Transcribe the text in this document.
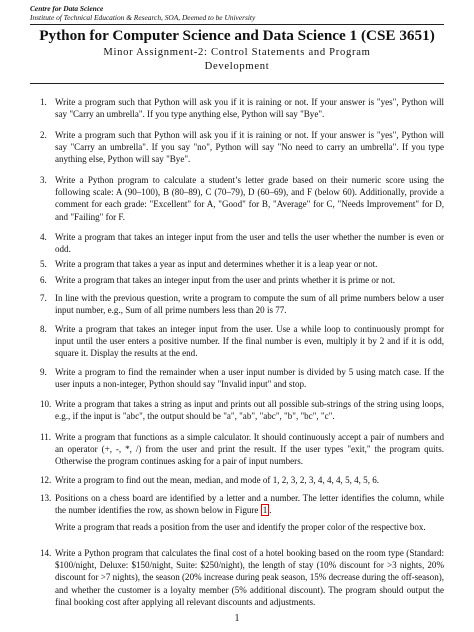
Centre for Data Science
Institute of Technical Education & Research, SOA, Deemed to be University
Python for Computer Science and Data Science 1 (CSE 3651)
Minor Assignment-2: Control Statements and Program
Development
1. Write a program such that Python will ask you if it is raining or not. If your answer is "yes", Python will say "Carry an umbrella". If you type anything else, Python will say "Bye".
2. Write a program such that Python will ask you if it is raining or not. If your answer is "yes", Python will say "Carry an umbrella". If you say "no", Python will say "No need to carry an umbrella". If you type anything else, Python will say "Bye".
3. Write a Python program to calculate a student’s letter grade based on their numeric score using the following scale: A (90–100), B (80–89), C (70–79), D (60–69), and F (below 60). Additionally, provide a comment for each grade: "Excellent" for A, "Good" for B, "Average" for C, "Needs Improvement" for D, and "Failing" for F.
4. Write a program that takes an integer input from the user and tells the user whether the number is even or odd.
5. Write a program that takes a year as input and determines whether it is a leap year or not.
6. Write a program that takes an integer input from the user and prints whether it is prime or not.
7. In line with the previous question, write a program to compute the sum of all prime numbers below a user input number, e.g., Sum of all prime numbers less than 20 is 77.
8. Write a program that takes an integer input from the user. Use a while loop to continuously prompt for input until the user enters a positive number. If the final number is even, multiply it by 2 and if it is odd, square it. Display the results at the end.
9. Write a program to find the remainder when a user input number is divided by 5 using match case. If the user inputs a non-integer, Python should say "Invalid input" and stop.
10. Write a program that takes a string as input and prints out all possible sub-strings of the string using loops, e.g., if the input is "abc", the output should be "a", "ab", "abc", "b", "bc", "c".
11. Write a program that functions as a simple calculator. It should continuously accept a pair of numbers and an operator (+, -, *, /) from the user and print the result. If the user types "exit," the program quits. Otherwise the program continues asking for a pair of input numbers.
12. Write a program to find out the mean, median, and mode of 1, 2, 3, 2, 3, 4, 4, 4, 5, 4, 5, 6.
13. Positions on a chess board are identified by a letter and a number. The letter identifies the column, while the number identifies the row, as shown below in Figure 1 .
Write a program that reads a position from the user and identify the proper color of the respective box.
14. Write a Python program that calculates the final cost of a hotel booking based on the room type (Standard: $100/night, Deluxe: $150/night, Suite: $250/night), the length of stay (10% discount for >3 nights, 20% discount for >7 nights), the season (20% increase during peak season, 15% decrease during the off-season), and whether the customer is a loyalty member (5% additional discount). The program should output the final booking cost after applying all relevant discounts and adjustments.
1
